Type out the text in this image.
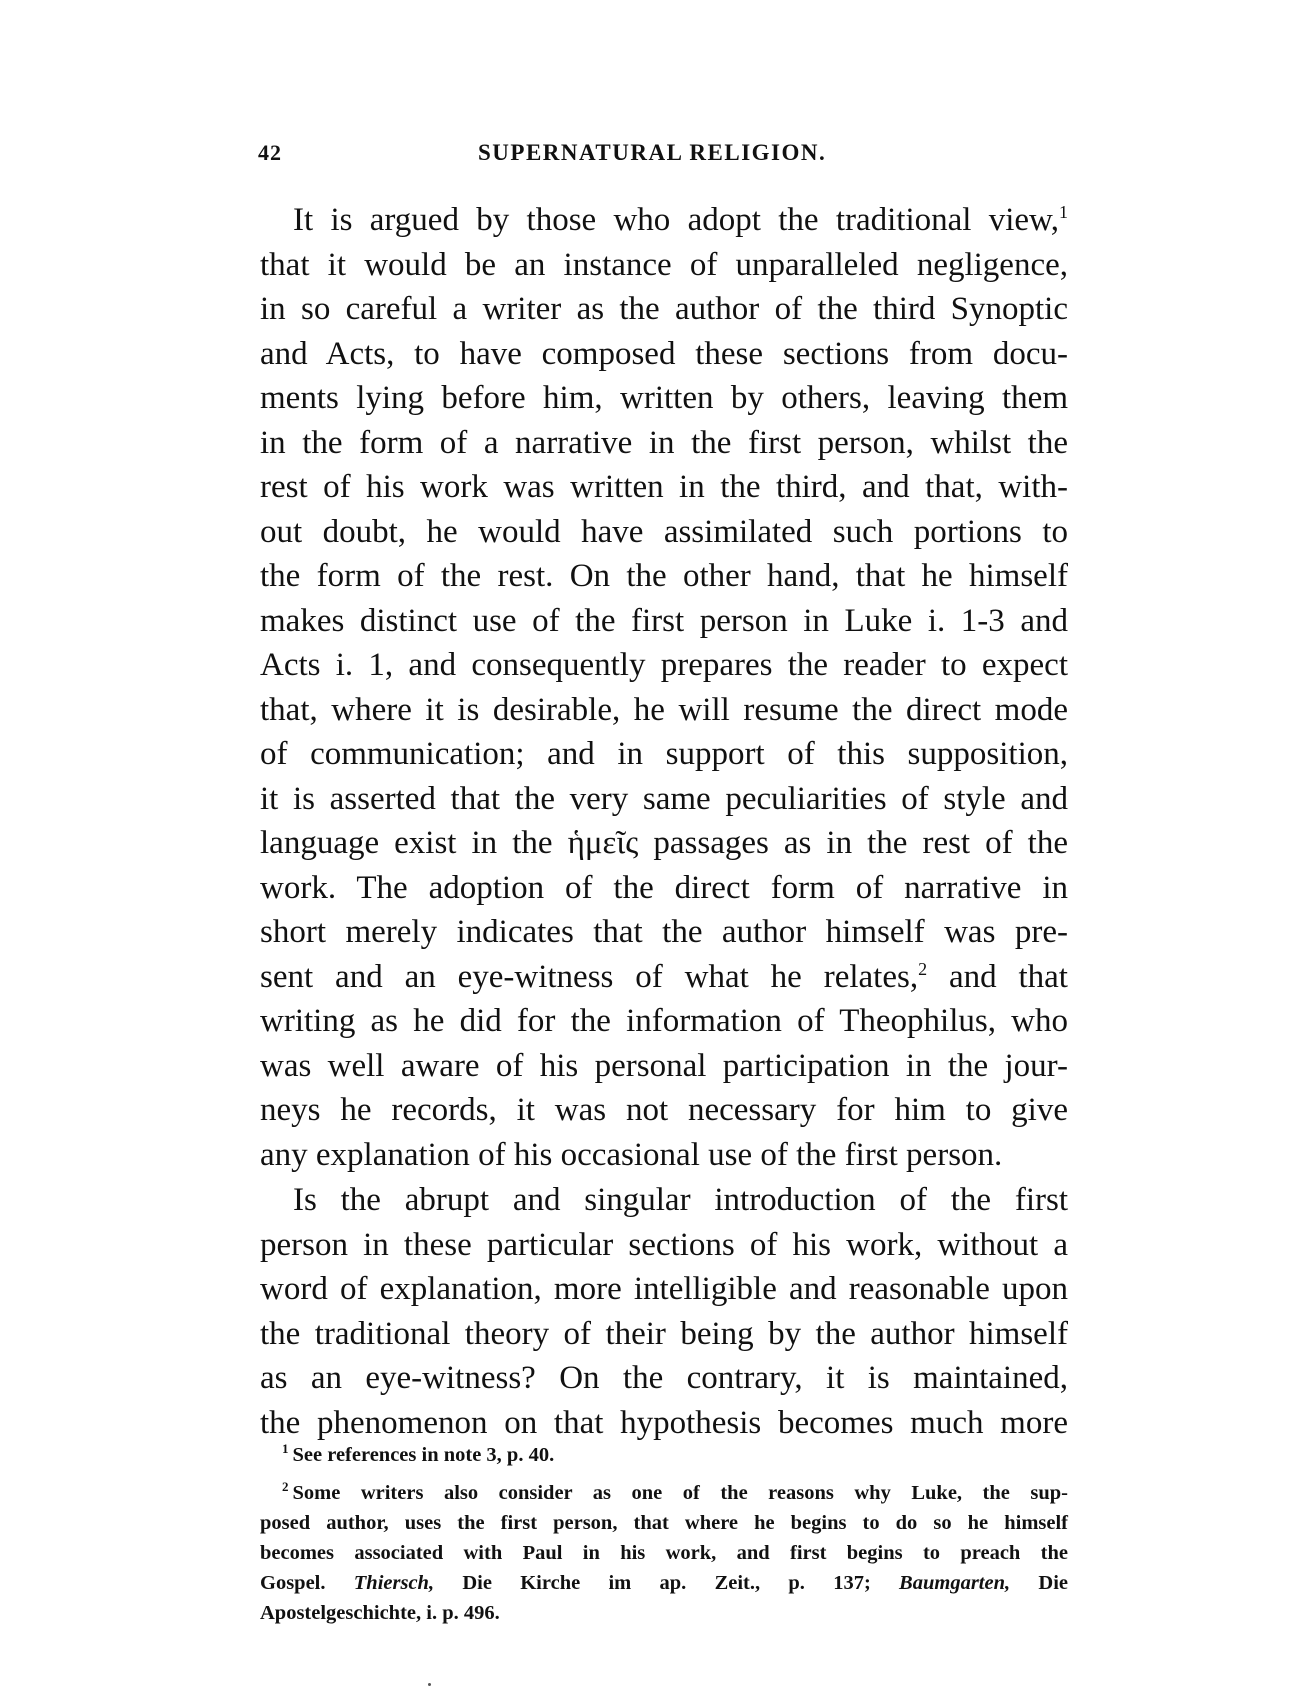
42	SUPERNATURAL RELIGION.
It is argued by those who adopt the traditional view,$^1$
that it would be an instance of unparalleled negligence,
in so careful a writer as the author of the third Synoptic
and Acts, to have composed these sections from docu-
ments lying before him, written by others, leaving them
in the form of a narrative in the first person, whilst the
rest of his work was written in the third, and that, with-
out doubt, he would have assimilated such portions to
the form of the rest. On the other hand, that he himself
makes distinct use of the first person in Luke i. 1-3 and
Acts i. 1, and consequently prepares the reader to expect
that, where it is desirable, he will resume the direct mode
of communication; and in support of this supposition,
it is asserted that the very same peculiarities of style and
language exist in the ἡμεῖς passages as in the rest of the
work. The adoption of the direct form of narrative in
short merely indicates that the author himself was pre-
sent and an eye-witness of what he relates,$^2$ and that
writing as he did for the information of Theophilus, who
was well aware of his personal participation in the jour-
neys he records, it was not necessary for him to give
any explanation of his occasional use of the first person.
Is the abrupt and singular introduction of the first
person in these particular sections of his work, without a
word of explanation, more intelligible and reasonable upon
the traditional theory of their being by the author himself
as an eye-witness? On the contrary, it is maintained,
the phenomenon on that hypothesis becomes much more
$^1$ See references in note 3, p. 40.
$^2$ Some writers also consider as one of the reasons why Luke, the sup-
posed author, uses the first person, that where he begins to do so he himself
becomes associated with Paul in his work, and first begins to preach the
Gospel. Thiersch, Die Kirche im ap. Zeit., p. 137; Baumgarten, Die
Apostelgeschichte, i. p. 496.
